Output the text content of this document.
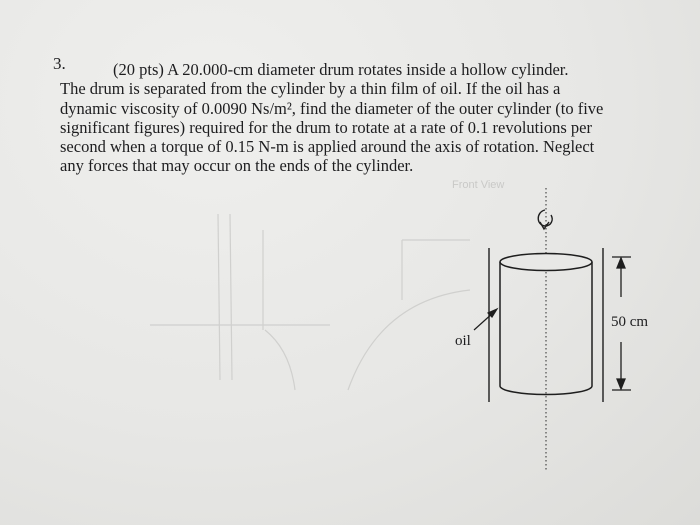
Front View
3.	(20 pts) A 20.000-cm diameter drum rotates inside a hollow cylinder.
The drum is separated from the cylinder by a thin film of oil. If the oil has a
dynamic viscosity of 0.0090 Ns/m², find the diameter of the outer cylinder (to five
significant figures) required for the drum to rotate at a rate of 0.1 revolutions per
second when a torque of 0.15 N-m is applied around the axis of rotation. Neglect
any forces that may occur on the ends of the cylinder.
oil
50 cm
